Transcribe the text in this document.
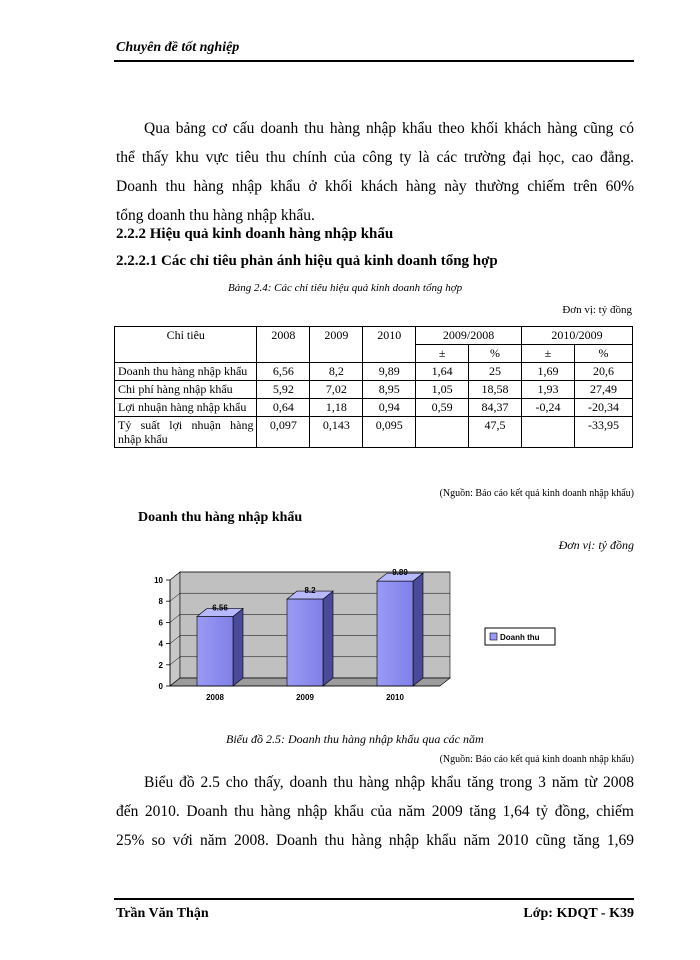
Chuyên đề tốt nghiệp
Qua bảng cơ cấu doanh thu hàng nhập khẩu theo khối khách hàng cũng có
thể thấy khu vực tiêu thu chính của công ty là các trường đại học, cao đẳng.
Doanh thu hàng nhập khẩu ở khối khách hàng này thường chiếm trên 60%
tổng doanh thu hàng nhập khẩu.
2.2.2 Hiệu quả kinh doanh hàng nhập khẩu
2.2.2.1 Các chỉ tiêu phản ánh hiệu quả kinh doanh tổng hợp
Bảng 2.4: Các chỉ tiêu hiệu quả kinh doanh tổng hợp
Đơn vị: tỷ đồng
Chỉ tiêu	2008	2009	2010	2009/2008		2010/2009	
				±	%	±	%
Doanh thu hàng nhập khẩu	6,56	8,2	9,89	1,64	25	1,69	20,6
Chi phí hàng nhập khẩu	5,92	7,02	8,95	1,05	18,58	1,93	27,49
Lợi nhuận hàng nhập khẩu	0,64	1,18	0,94	0,59	84,37	-0,24	-20,34
Tỷ suất lợi nhuận hàng nhập khẩu	0,097	0,143	0,095		47,5		-33,95
(Nguồn: Báo cáo kết quả kinh doanh nhập khẩu)
Doanh thu hàng nhập khẩu
Đơn vị: tỷ đồng
6.56
8.2
9.89
0
2
4
6
8
10
2008	2009	2010
Doanh thu
Biểu đồ 2.5: Doanh thu hàng nhập khẩu qua các năm
(Nguồn: Báo cáo kết quả kinh doanh nhập khẩu)
Biểu đồ 2.5 cho thấy, doanh thu hàng nhập khẩu tăng trong 3 năm từ 2008
đến 2010. Doanh thu hàng nhập khẩu của năm 2009 tăng 1,64 tỷ đồng, chiếm
25% so với năm 2008. Doanh thu hàng nhập khẩu năm 2010 cũng tăng 1,69
Trần Văn Thận	Lớp: KDQT - K39
